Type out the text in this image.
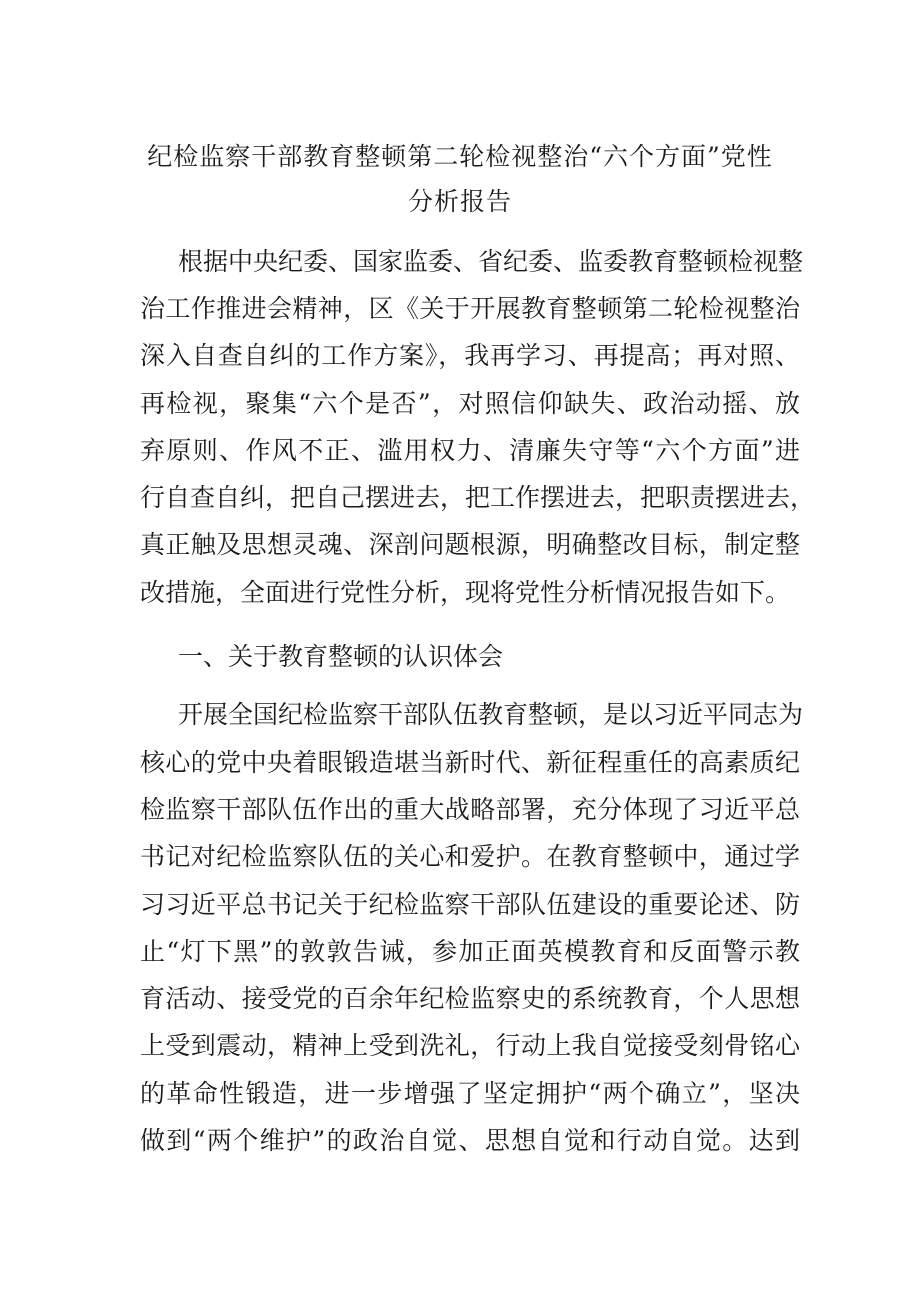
纪检监察干部教育整顿第二轮检视整治“六个方面”党性
分析报告
根据中央纪委、国家监委、省纪委、监委教育整顿检视整
治工作推进会精神，区《关于开展教育整顿第二轮检视整治
深入自查自纠的工作方案》，我再学习、再提高；再对照、
再检视，聚集“六个是否”，对照信仰缺失、政治动摇、放
弃原则、作风不正、滥用权力、清廉失守等“六个方面”进
行自查自纠，把自己摆进去，把工作摆进去，把职责摆进去，
真正触及思想灵魂、深剖问题根源，明确整改目标，制定整
改措施，全面进行党性分析，现将党性分析情况报告如下。
一、关于教育整顿的认识体会
开展全国纪检监察干部队伍教育整顿，是以习近平同志为
核心的党中央着眼锻造堪当新时代、新征程重任的高素质纪
检监察干部队伍作出的重大战略部署，充分体现了习近平总
书记对纪检监察队伍的关心和爱护。在教育整顿中，通过学
习习近平总书记关于纪检监察干部队伍建设的重要论述、防
止“灯下黑”的敦敦告诫，参加正面英模教育和反面警示教
育活动、接受党的百余年纪检监察史的系统教育，个人思想
上受到震动，精神上受到洗礼，行动上我自觉接受刻骨铭心
的革命性锻造，进一步增强了坚定拥护“两个确立”，坚决
做到“两个维护”的政治自觉、思想自觉和行动自觉。达到
